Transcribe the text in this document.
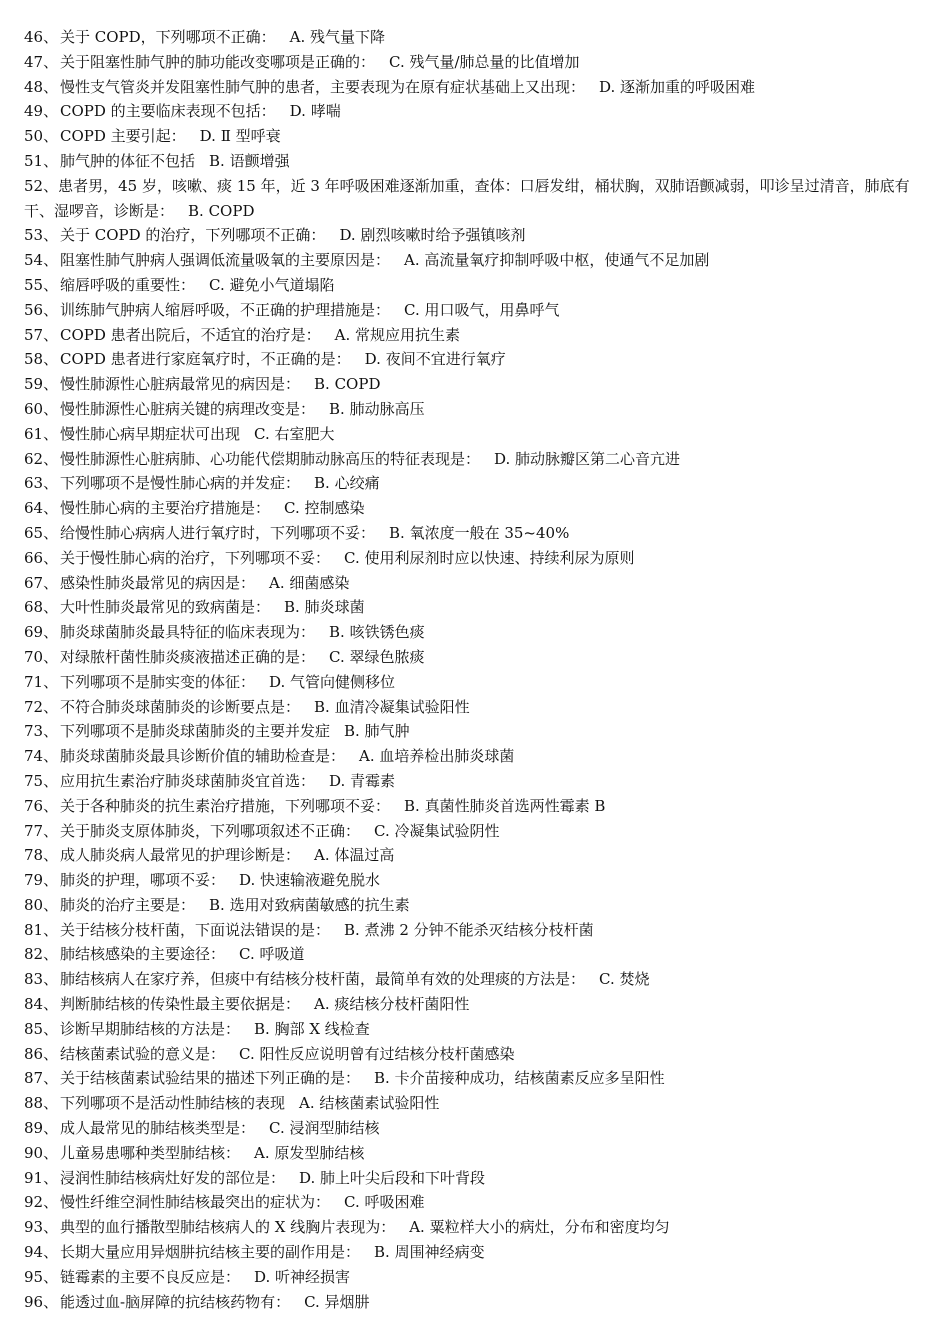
46、 关于 COPD，下列哪项不正确： A. 残气量下降
47、 关于阻塞性肺气肿的肺功能改变哪项是正确的： C. 残气量/肺总量的比值增加
48、 慢性支气管炎并发阻塞性肺气肿的患者，主要表现为在原有症状基础上又出现： D. 逐渐加重的呼吸困难
49、 COPD 的主要临床表现不包括： D. 哮喘
50、 COPD 主要引起： D. Ⅱ 型呼衰
51、 肺气肿的体征不包括 B. 语颤增强
52、患者男，45 岁，咳嗽、痰 15 年，近 3 年呼吸困难逐渐加重，查体：口唇发绀，桶状胸，双肺语颤减弱，叩诊呈过清音，肺底有干、湿啰音，诊断是： B. COPD
53、 关于 COPD 的治疗，下列哪项不正确： D. 剧烈咳嗽时给予强镇咳剂
54、 阻塞性肺气肿病人强调低流量吸氧的主要原因是： A. 高流量氧疗抑制呼吸中枢，使通气不足加剧
55、 缩唇呼吸的重要性： C. 避免小气道塌陷
56、 训练肺气肿病人缩唇呼吸，不正确的护理措施是： C. 用口吸气，用鼻呼气
57、 COPD 患者出院后，不适宜的治疗是： A. 常规应用抗生素
58、 COPD 患者进行家庭氧疗时，不正确的是： D. 夜间不宜进行氧疗
59、 慢性肺源性心脏病最常见的病因是： B. COPD
60、 慢性肺源性心脏病关键的病理改变是： B. 肺动脉高压
61、 慢性肺心病早期症状可出现 C. 右室肥大
62、 慢性肺源性心脏病肺、心功能代偿期肺动脉高压的特征表现是： D. 肺动脉瓣区第二心音亢进
63、 下列哪项不是慢性肺心病的并发症： B. 心绞痛
64、 慢性肺心病的主要治疗措施是： C. 控制感染
65、 给慢性肺心病病人进行氧疗时，下列哪项不妥： B. 氧浓度一般在 35~40%
66、 关于慢性肺心病的治疗，下列哪项不妥： C. 使用利尿剂时应以快速、持续利尿为原则
67、 感染性肺炎最常见的病因是： A. 细菌感染
68、 大叶性肺炎最常见的致病菌是： B. 肺炎球菌
69、 肺炎球菌肺炎最具特征的临床表现为： B. 咳铁锈色痰
70、 对绿脓杆菌性肺炎痰液描述正确的是： C. 翠绿色脓痰
71、 下列哪项不是肺实变的体征： D. 气管向健侧移位
72、 不符合肺炎球菌肺炎的诊断要点是： B. 血清冷凝集试验阳性
73、 下列哪项不是肺炎球菌肺炎的主要并发症 B. 肺气肿
74、 肺炎球菌肺炎最具诊断价值的辅助检查是： A. 血培养检出肺炎球菌
75、 应用抗生素治疗肺炎球菌肺炎宜首选： D. 青霉素
76、 关于各种肺炎的抗生素治疗措施，下列哪项不妥： B. 真菌性肺炎首选两性霉素 B
77、 关于肺炎支原体肺炎，下列哪项叙述不正确： C. 冷凝集试验阴性
78、 成人肺炎病人最常见的护理诊断是： A. 体温过高
79、 肺炎的护理，哪项不妥： D. 快速输液避免脱水
80、 肺炎的治疗主要是： B. 选用对致病菌敏感的抗生素
81、 关于结核分枝杆菌，下面说法错误的是： B. 煮沸 2 分钟不能杀灭结核分枝杆菌
82、 肺结核感染的主要途径： C. 呼吸道
83、 肺结核病人在家疗养，但痰中有结核分枝杆菌，最简单有效的处理痰的方法是： C. 焚烧
84、 判断肺结核的传染性最主要依据是： A. 痰结核分枝杆菌阳性
85、 诊断早期肺结核的方法是： B. 胸部 X 线检查
86、 结核菌素试验的意义是： C. 阳性反应说明曾有过结核分枝杆菌感染
87、 关于结核菌素试验结果的描述下列正确的是： B. 卡介苗接种成功，结核菌素反应多呈阳性
88、 下列哪项不是活动性肺结核的表现 A. 结核菌素试验阳性
89、 成人最常见的肺结核类型是： C. 浸润型肺结核
90、 儿童易患哪种类型肺结核： A. 原发型肺结核
91、 浸润性肺结核病灶好发的部位是： D. 肺上叶尖后段和下叶背段
92、 慢性纤维空洞性肺结核最突出的症状为： C. 呼吸困难
93、 典型的血行播散型肺结核病人的 X 线胸片表现为： A. 粟粒样大小的病灶，分布和密度均匀
94、 长期大量应用异烟肼抗结核主要的副作用是： B. 周围神经病变
95、 链霉素的主要不良反应是： D. 听神经损害
96、 能透过血-脑屏障的抗结核药物有： C. 异烟肼
